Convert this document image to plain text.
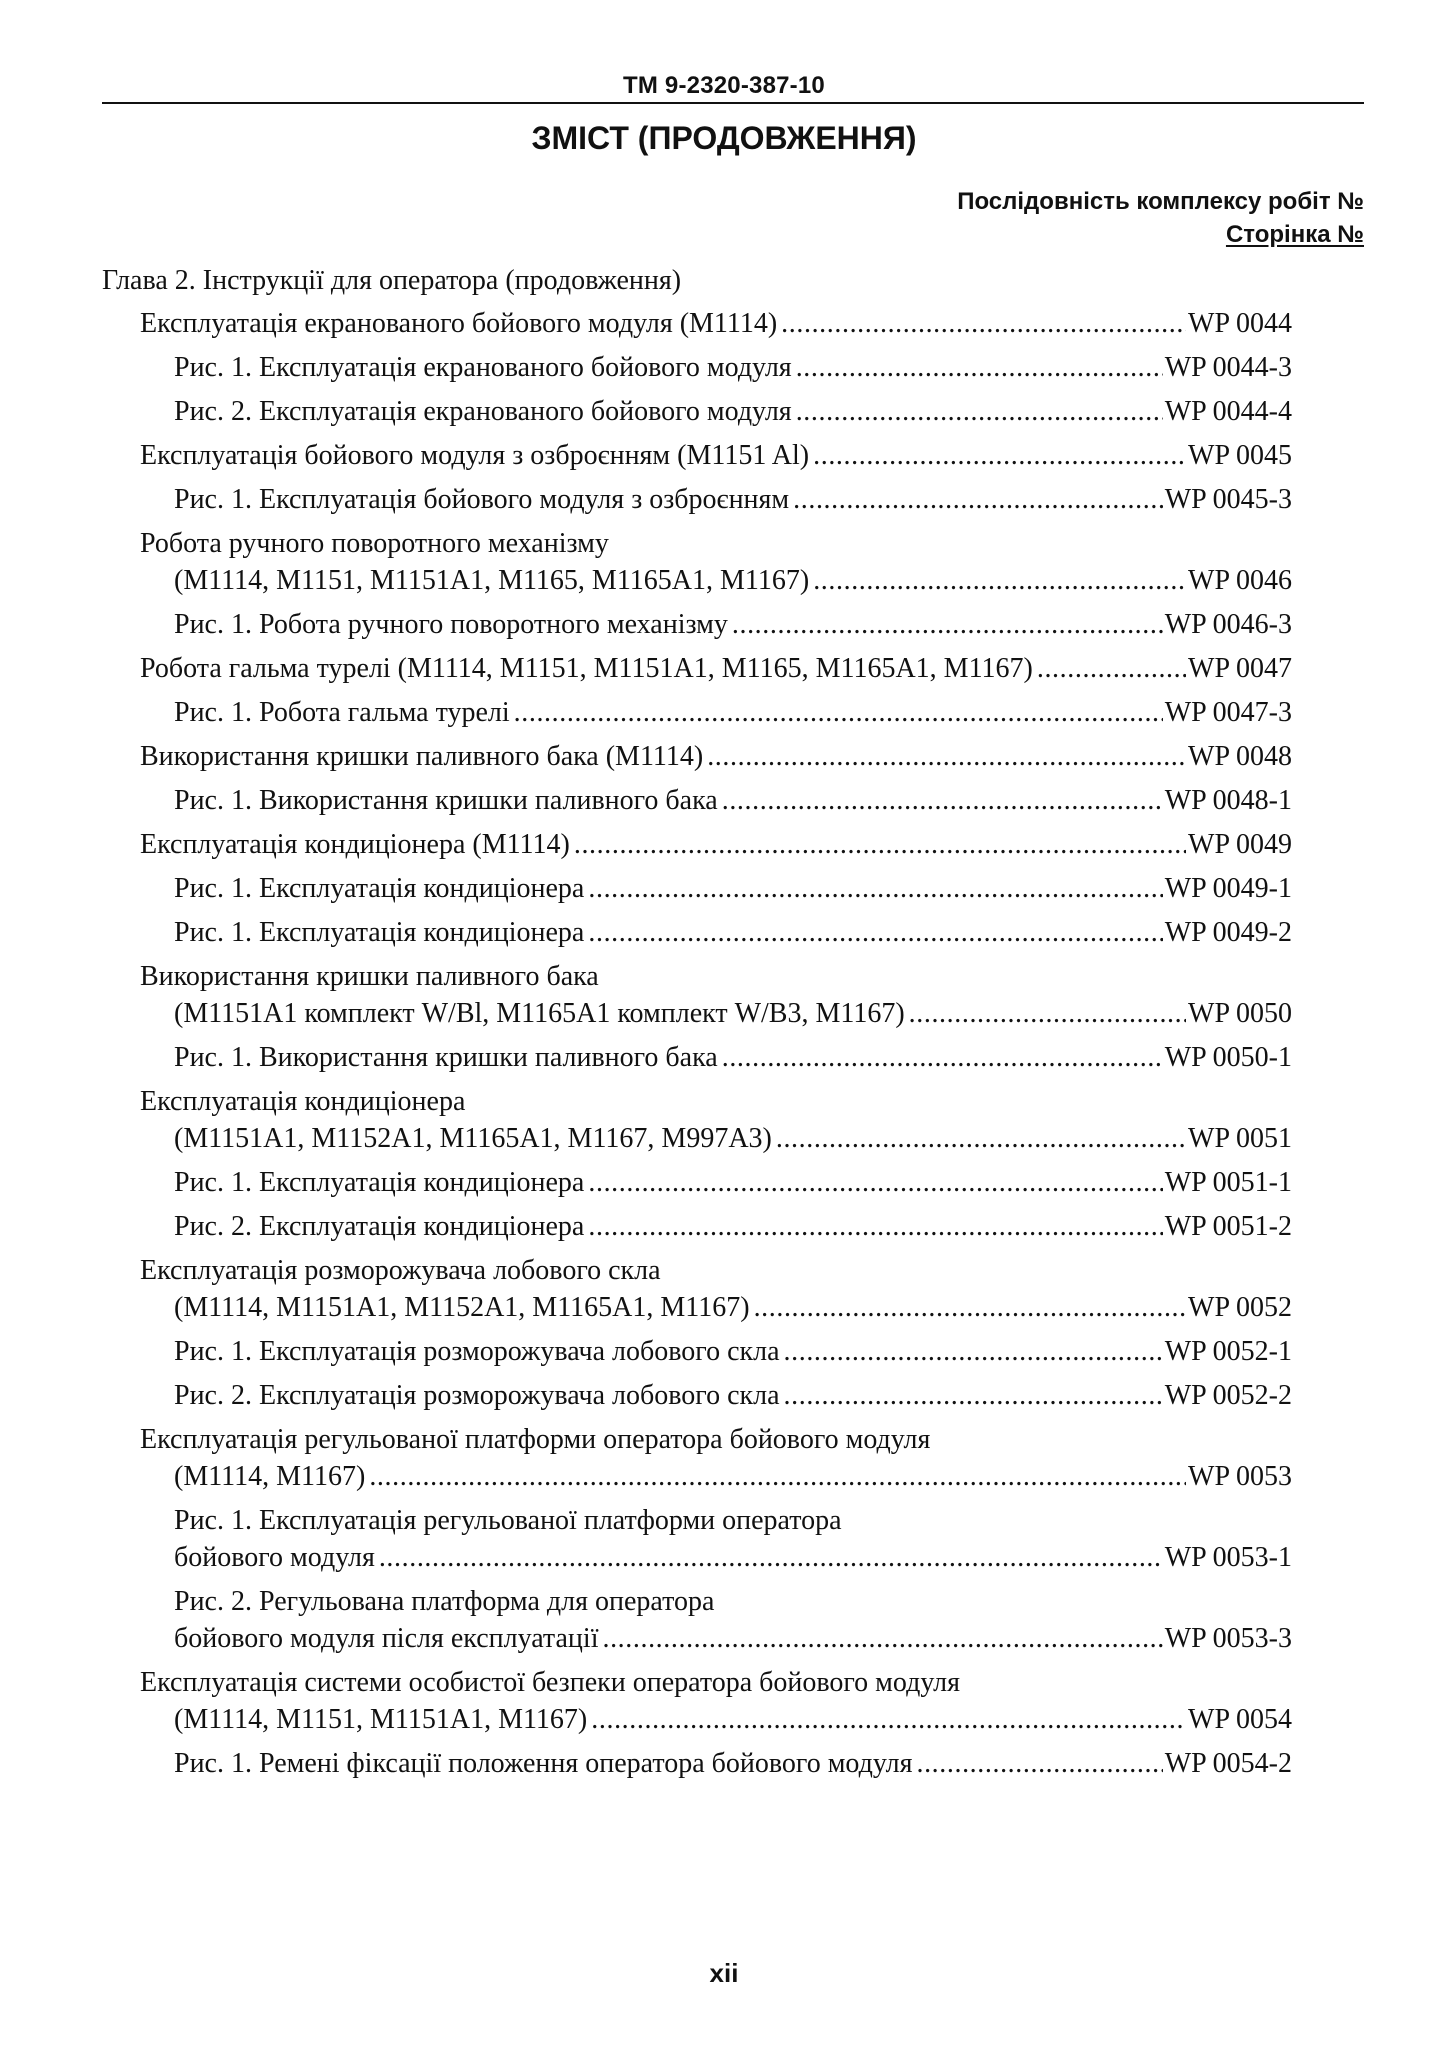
TM 9-2320-387-10
ЗМІСТ (ПРОДОВЖЕННЯ)
Послідовність комплексу робіт №
Сторінка №
Глава 2. Інструкції для оператора (продовження)
Експлуатація екранованого бойового модуля (M1114) .....	WP 0044
Рис. 1. Експлуатація екранованого бойового модуля .....	WP 0044-3
Рис. 2. Експлуатація екранованого бойового модуля .....	WP 0044-4
Експлуатація бойового модуля з озброєнням (M1151 Al) .....	WP 0045
Рис. 1. Експлуатація бойового модуля з озброєнням .....	WP 0045-3
Робота ручного поворотного механізму
(M1114, M1151, M1151A1, M1165, M1165A1, M1167) .....	WP 0046
Рис. 1. Робота ручного поворотного механізму .....	WP 0046-3
Робота гальма турелі (M1114, M1151, M1151A1, M1165, M1165A1, M1167) .....	WP 0047
Рис. 1. Робота гальма турелі .....	WP 0047-3
Використання кришки паливного бака (M1114) .....	WP 0048
Рис. 1. Використання кришки паливного бака .....	WP 0048-1
Експлуатація кондиціонера (M1114) .....	WP 0049
Рис. 1. Експлуатація кондиціонера .....	WP 0049-1
Рис. 1. Експлуатація кондиціонера .....	WP 0049-2
Використання кришки паливного бака
(M1151A1 комплект W/Bl, M1165A1 комплект W/B3, M1167) .....	WP 0050
Рис. 1. Використання кришки паливного бака .....	WP 0050-1
Експлуатація кондиціонера
(M1151A1, M1152A1, M1165A1, M1167, M997A3) .....	WP 0051
Рис. 1. Експлуатація кондиціонера .....	WP 0051-1
Рис. 2. Експлуатація кондиціонера .....	WP 0051-2
Експлуатація розморожувача лобового скла
(M1114, M1151A1, M1152A1, M1165A1, M1167) .....	WP 0052
Рис. 1. Експлуатація розморожувача лобового скла .....	WP 0052-1
Рис. 2. Експлуатація розморожувача лобового скла .....	WP 0052-2
Експлуатація регульованої платформи оператора бойового модуля
(M1114, M1167) .....	WP 0053
Рис. 1. Експлуатація регульованої платформи оператора
бойового модуля .....	WP 0053-1
Рис. 2. Регульована платформа для оператора
бойового модуля після експлуатації .....	WP 0053-3
Експлуатація системи особистої безпеки оператора бойового модуля
(M1114, M1151, M1151A1, M1167) .....	WP 0054
Рис. 1. Ремені фіксації положення оператора бойового модуля .....	WP 0054-2
xii
